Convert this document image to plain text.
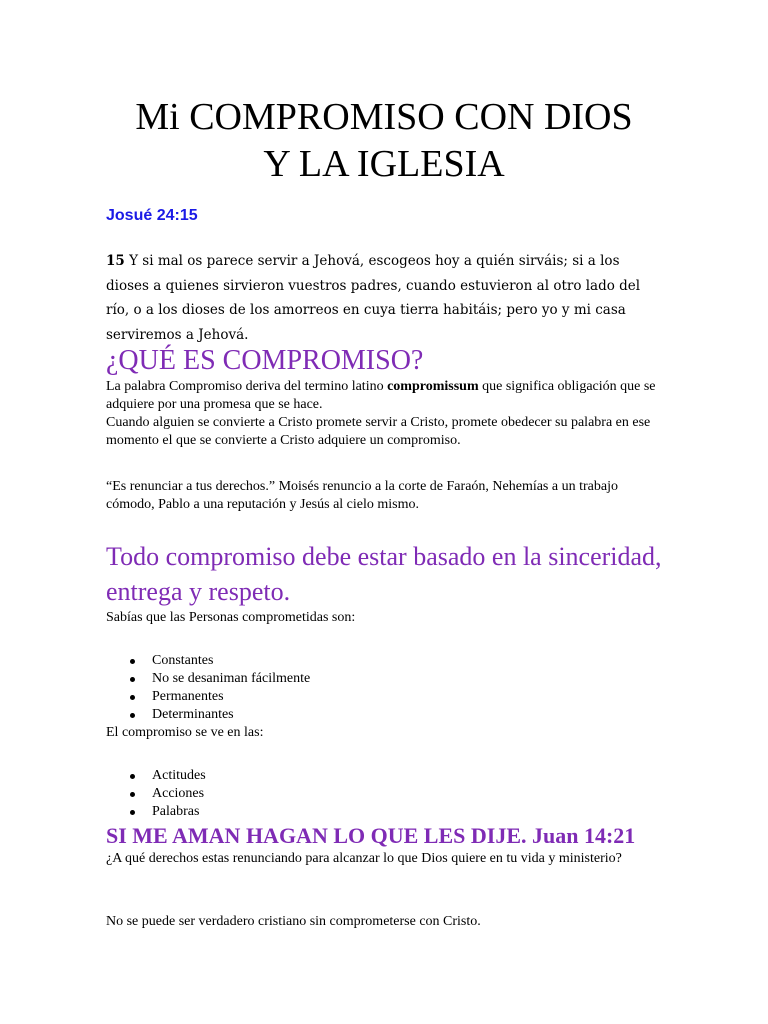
Mi COMPROMISO CON DIOS
Y LA IGLESIA
Josué 24:15
15 Y si mal os parece servir a Jehová, escogeos hoy a quién sirváis; si a los dioses a quienes sirvieron vuestros padres, cuando estuvieron al otro lado del río, o a los dioses de los amorreos en cuya tierra habitáis; pero yo y mi casa serviremos a Jehová.
¿QUÉ ES COMPROMISO?
La palabra Compromiso deriva del termino latino compromissum que significa obligación que se adquiere por una promesa que se hace.
Cuando alguien se convierte a Cristo promete servir a Cristo, promete obedecer su palabra en ese momento el que se convierte a Cristo adquiere un compromiso.
“Es renunciar a tus derechos.” Moisés renuncio a la corte de Faraón, Nehemías a un trabajo cómodo, Pablo a una reputación y Jesús al cielo mismo.
Todo compromiso debe estar basado en la sinceridad, entrega y respeto.
Sabías que las Personas comprometidas son:
Constantes
No se desaniman fácilmente
Permanentes
Determinantes
El compromiso se ve en las:
Actitudes
Acciones
Palabras
SI ME AMAN HAGAN LO QUE LES DIJE. Juan 14:21
¿A qué derechos estas renunciando para alcanzar lo que Dios quiere en tu vida y ministerio?
No se puede ser verdadero cristiano sin comprometerse con Cristo.
